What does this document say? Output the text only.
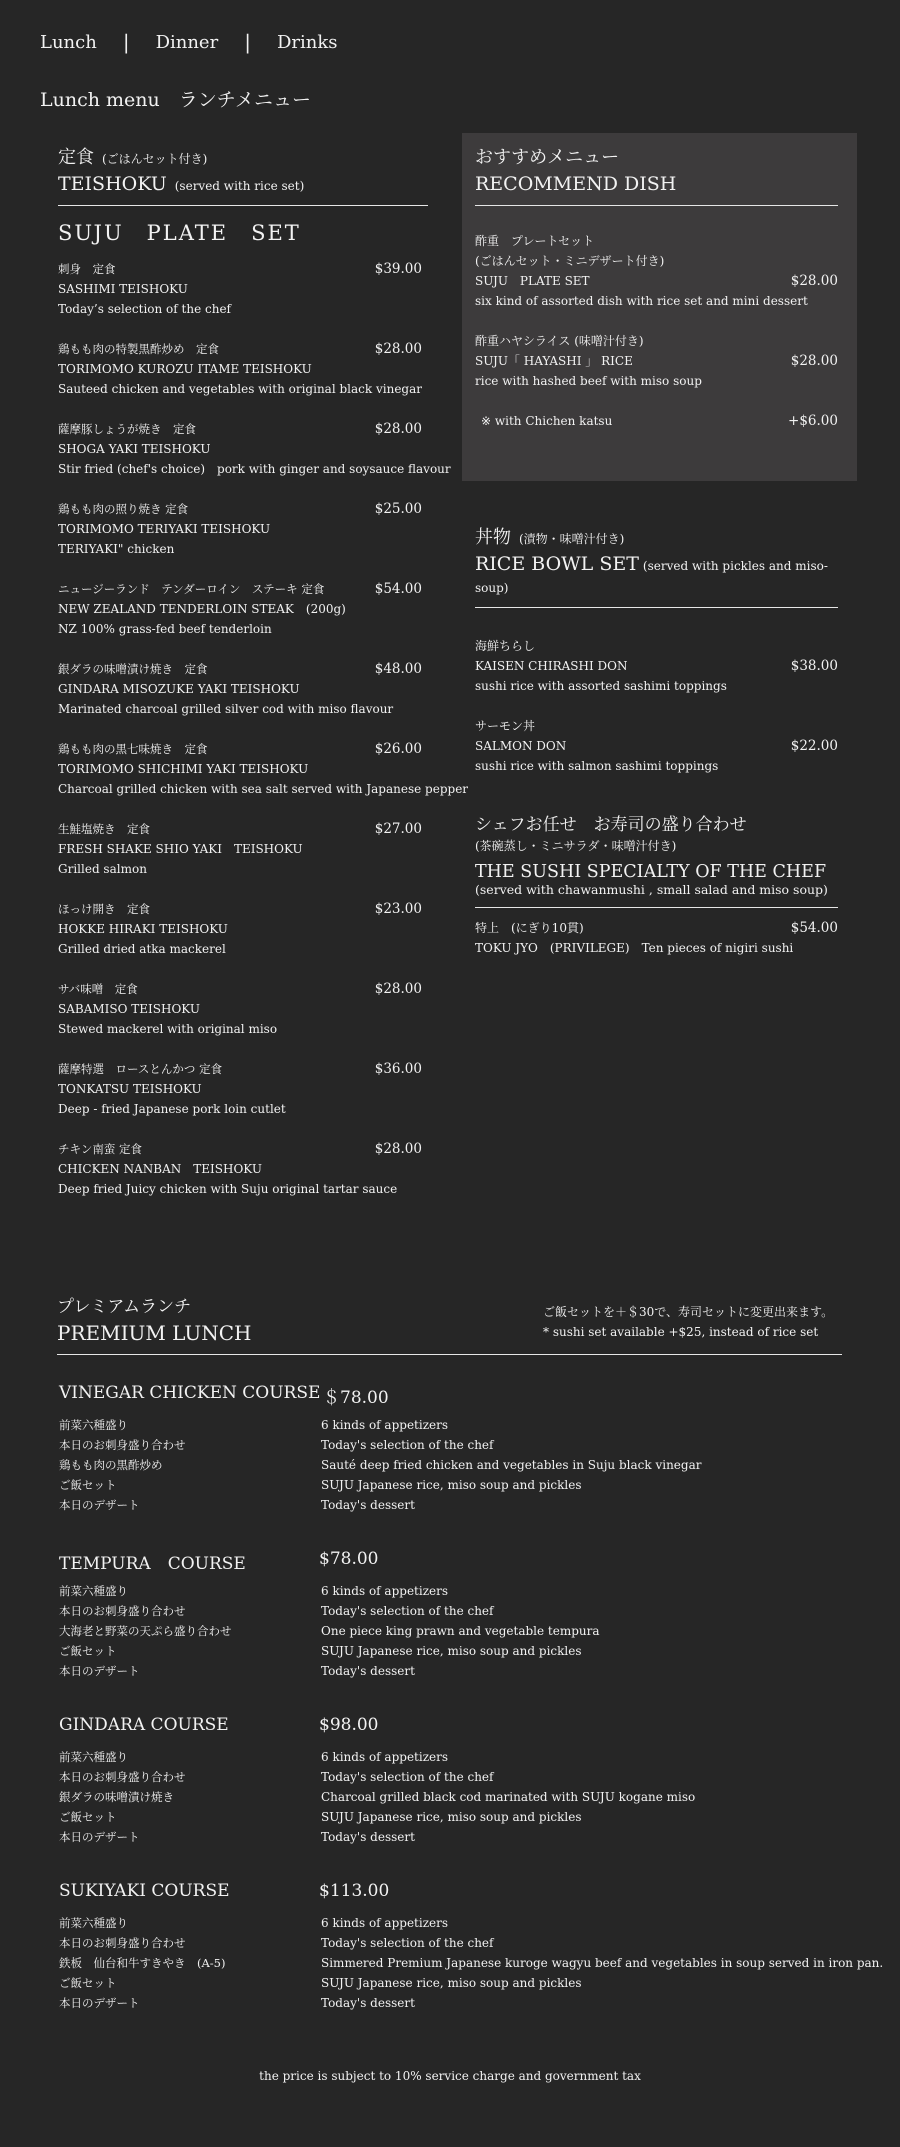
Lunch | Dinner | Drinks
Lunch menu　ランチメニュー
定食 (ごはんセット付き)
TEISHOKU (served with rice set)
SUJU　PLATE　SET
刺身　定食	$39.00
SASHIMI TEISHOKU
Today’s selection of the chef
鶏もも肉の特製黒酢炒め　定食	$28.00
TORIMOMO KUROZU ITAME TEISHOKU
Sauteed chicken and vegetables with original black vinegar
薩摩豚しょうが焼き　定食	$28.00
SHOGA YAKI TEISHOKU
Stir fried (chef's choice)　pork with ginger and soysauce flavour
鶏もも肉の照り焼き 定食	$25.00
TORIMOMO TERIYAKI TEISHOKU
TERIYAKI" chicken
ニュージーランド　テンダーロイン　ステーキ 定食	$54.00
NEW ZEALAND TENDERLOIN STEAK　(200g)
NZ 100% grass-fed beef tenderloin
銀ダラの味噌漬け焼き　定食	$48.00
GINDARA MISOZUKE YAKI TEISHOKU
Marinated charcoal grilled silver cod with miso flavour
鶏もも肉の黒七味焼き　定食	$26.00
TORIMOMO SHICHIMI YAKI TEISHOKU
Charcoal grilled chicken with sea salt served with Japanese pepper
生鮭塩焼き　定食	$27.00
FRESH SHAKE SHIO YAKI　TEISHOKU
Grilled salmon
ほっけ開き　定食	$23.00
HOKKE HIRAKI TEISHOKU
Grilled dried atka mackerel
サバ味噌　定食	$28.00
SABAMISO TEISHOKU
Stewed mackerel with original miso
薩摩特選　ロースとんかつ 定食	$36.00
TONKATSU TEISHOKU
Deep - fried Japanese pork loin cutlet
チキン南蛮 定食	$28.00
CHICKEN NANBAN　TEISHOKU
Deep fried Juicy chicken with Suju original tartar sauce
おすすめメニュー
RECOMMEND DISH
酢重　プレートセット
(ごはんセット・ミニデザート付き)
SUJU　PLATE SET	$28.00
six kind of assorted dish with rice set and mini dessert
酢重ハヤシライス (味噌汁付き)
SUJU「 HAYASHI 」 RICE	$28.00
rice with hashed beef with miso soup
※ with Chichen katsu	+$6.00
丼物 (漬物・味噌汁付き)
RICE BOWL SET (served with pickles and miso-soup)
海鮮ちらし
KAISEN CHIRASHI DON	$38.00
sushi rice with assorted sashimi toppings
サーモン丼
SALMON DON	$22.00
sushi rice with salmon sashimi toppings
シェフお任せ　お寿司の盛り合わせ
(茶碗蒸し・ミニサラダ・味噌汁付き)
THE SUSHI SPECIALTY OF THE CHEF
(served with chawanmushi , small salad and miso soup)
特上　(にぎり10貫)	$54.00
TOKU JYO　(PRIVILEGE)　Ten pieces of nigiri sushi
プレミアムランチ
PREMIUM LUNCH
ご飯セットを＋＄30で、寿司セットに変更出来ます。
* sushi set available +$25, instead of rice set
VINEGAR CHICKEN COURSE ＄78.00
前菜六種盛り	6 kinds of appetizers
本日のお刺身盛り合わせ	Today's selection of the chef
鶏もも肉の黒酢炒め	Sauté deep fried chicken and vegetables in Suju black vinegar
ご飯セット	SUJU Japanese rice, miso soup and pickles
本日のデザート	Today's dessert
TEMPURA　COURSE	$78.00
前菜六種盛り	6 kinds of appetizers
本日のお刺身盛り合わせ	Today's selection of the chef
大海老と野菜の天ぷら盛り合わせ	One piece king prawn and vegetable tempura
ご飯セット	SUJU Japanese rice, miso soup and pickles
本日のデザート	Today's dessert
GINDARA COURSE	$98.00
前菜六種盛り	6 kinds of appetizers
本日のお刺身盛り合わせ	Today's selection of the chef
銀ダラの味噌漬け焼き	Charcoal grilled black cod marinated with SUJU kogane miso
ご飯セット	SUJU Japanese rice, miso soup and pickles
本日のデザート	Today's dessert
SUKIYAKI COURSE	$113.00
前菜六種盛り	6 kinds of appetizers
本日のお刺身盛り合わせ	Today's selection of the chef
鉄板　仙台和牛すきやき　(A-5)	Simmered Premium Japanese kuroge wagyu beef and vegetables in soup served in iron pan.
ご飯セット	SUJU Japanese rice, miso soup and pickles
本日のデザート	Today's dessert
the price is subject to 10% service charge and government tax
